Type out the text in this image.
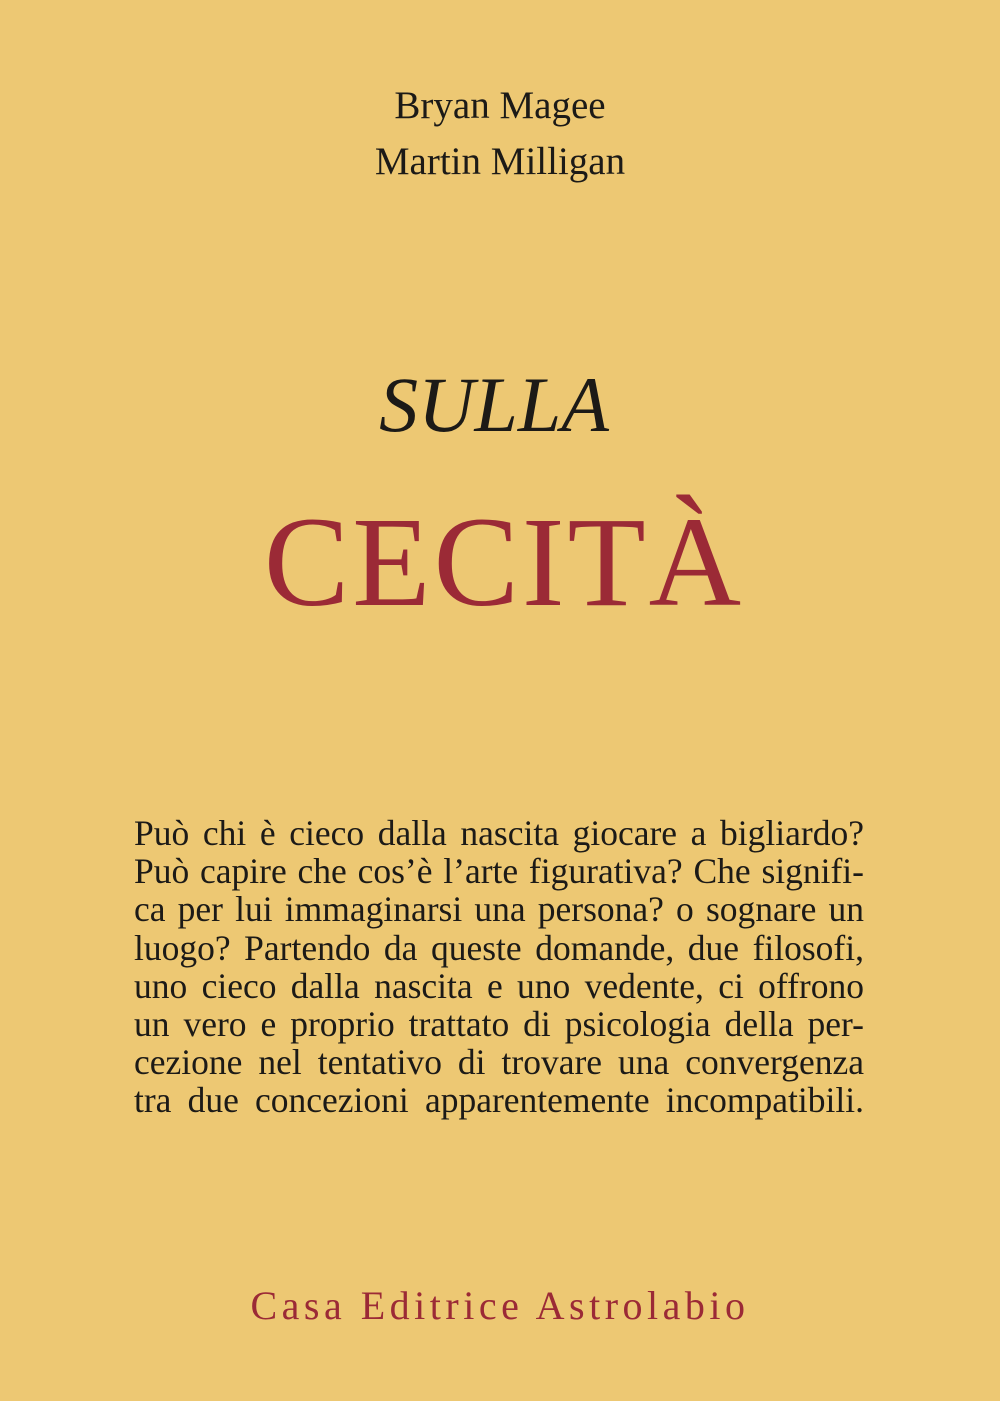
Bryan Magee
Martin Milligan
SULLA
CECITÀ
Può chi è cieco dalla nascita giocare a bigliardo?
Può capire che cos’è l’arte figurativa? Che signifi-
ca per lui immaginarsi una persona? o sognare un
luogo? Partendo da queste domande, due filosofi,
uno cieco dalla nascita e uno vedente, ci offrono
un vero e proprio trattato di psicologia della per-
cezione nel tentativo di trovare una convergenza
tra due concezioni apparentemente incompatibili.
Casa Editrice Astrolabio
